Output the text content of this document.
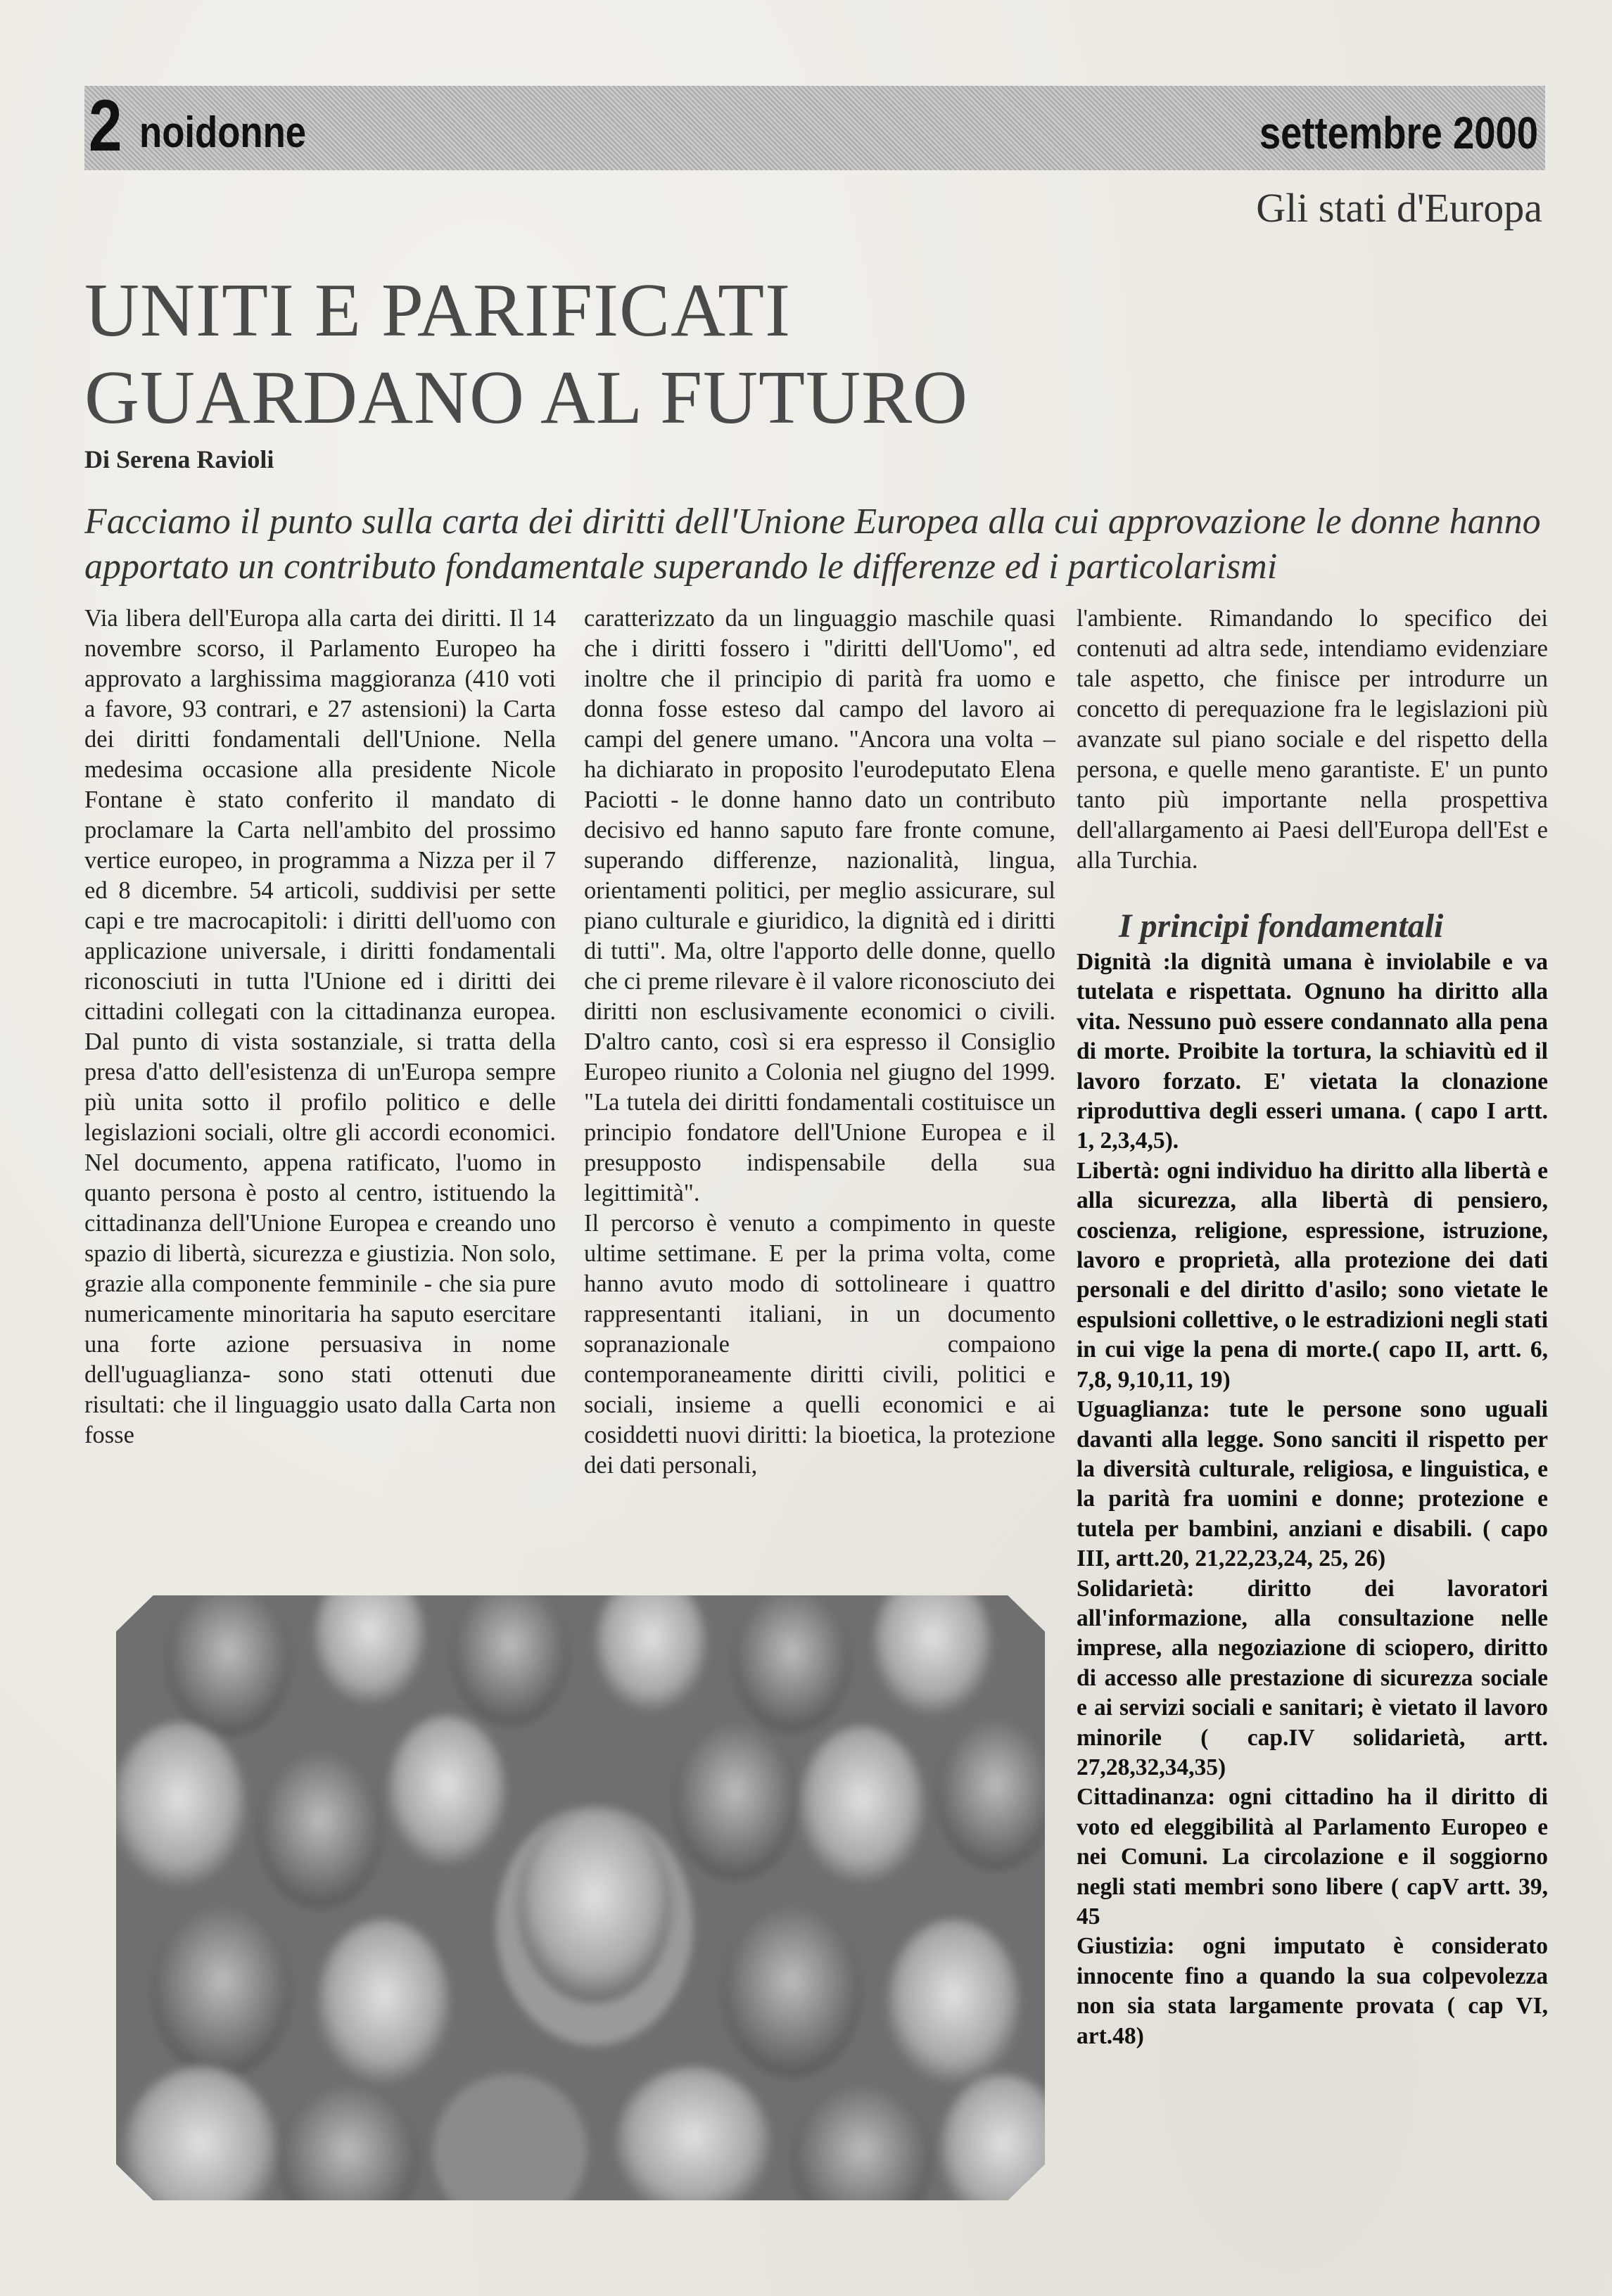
2 noidonne	settembre 2000
Gli stati d'Europa
UNITI E PARIFICATI
GUARDANO AL FUTURO
Di Serena Ravioli
Facciamo il punto sulla carta dei diritti dell'Unione Europea alla cui approvazione le donne hanno apportato un contributo fondamentale superando le differenze ed i particolarismi

Via libera dell'Europa alla carta dei diritti. Il 14 novembre scorso, il Parlamento Europeo ha approvato a larghissima maggioranza (410 voti a favore, 93 contrari, e 27 astensioni) la Carta dei diritti fondamentali dell'Unione. Nella medesima occasione alla presidente Nicole Fontane è stato conferito il mandato di proclamare la Carta nell'ambito del prossimo vertice europeo, in programma a Nizza per il 7 ed 8 dicembre. 54 articoli, suddivisi per sette capi e tre macrocapitoli: i diritti dell'uomo con applicazione universale, i diritti fondamentali riconosciuti in tutta l'Unione ed i diritti dei cittadini collegati con la cittadinanza europea. Dal punto di vista sostanziale, si tratta della presa d'atto dell'esistenza di un'Europa sempre più unita sotto il profilo politico e delle legislazioni sociali, oltre gli accordi economici. Nel documento, appena ratificato, l'uomo in quanto persona è posto al centro, istituendo la cittadinanza dell'Unione Europea e creando uno spazio di libertà, sicurezza e giustizia. Non solo, grazie alla componente femminile - che sia pure numericamente minoritaria ha saputo esercitare una forte azione persuasiva in nome dell'uguaglianza- sono stati ottenuti due risultati: che il linguaggio usato dalla Carta non fosse

caratterizzato da un linguaggio maschile quasi che i diritti fossero i "diritti dell'Uomo", ed inoltre che il principio di parità fra uomo e donna fosse esteso dal campo del lavoro ai campi del genere umano. "Ancora una volta – ha dichiarato in proposito l'eurodeputato Elena Paciotti - le donne hanno dato un contributo decisivo ed hanno saputo fare fronte comune, superando differenze, nazionalità, lingua, orientamenti politici, per meglio assicurare, sul piano culturale e giuridico, la dignità ed i diritti di tutti". Ma, oltre l'apporto delle donne, quello che ci preme rilevare è il valore riconosciuto dei diritti non esclusivamente economici o civili. D'altro canto, così si era espresso il Consiglio Europeo riunito a Colonia nel giugno del 1999. "La tutela dei diritti fondamentali costituisce un principio fondatore dell'Unione Europea e il presupposto indispensabile della sua legittimità".

Il percorso è venuto a compimento in queste ultime settimane. E per la prima volta, come hanno avuto modo di sottolineare i quattro rappresentanti italiani, in un documento sopranazionale compaiono contemporaneamente diritti civili, politici e sociali, insieme a quelli economici e ai cosiddetti nuovi diritti: la bioetica, la protezione dei dati personali,

l'ambiente. Rimandando lo specifico dei contenuti ad altra sede, intendiamo evidenziare tale aspetto, che finisce per introdurre un concetto di perequazione fra le legislazioni più avanzate sul piano sociale e del rispetto della persona, e quelle meno garantiste. E' un punto tanto più importante nella prospettiva dell'allargamento ai Paesi dell'Europa dell'Est e alla Turchia.

I principi fondamentali

Dignità :la dignità umana è inviolabile e va tutelata e rispettata. Ognuno ha diritto alla vita. Nessuno può essere condannato alla pena di morte. Proibite la tortura, la schiavitù ed il lavoro forzato. E' vietata la clonazione riproduttiva degli esseri umana. ( capo I artt. 1, 2,3,4,5).

Libertà: ogni individuo ha diritto alla libertà e alla sicurezza, alla libertà di pensiero, coscienza, religione, espressione, istruzione, lavoro e proprietà, alla protezione dei dati personali e del diritto d'asilo; sono vietate le espulsioni collettive, o le estradizioni negli stati in cui vige la pena di morte.( capo II, artt. 6, 7,8, 9,10,11, 19)

Uguaglianza: tute le persone sono uguali davanti alla legge. Sono sanciti il rispetto per la diversità culturale, religiosa, e linguistica, e la parità fra uomini e donne; protezione e tutela per bambini, anziani e disabili. ( capo III, artt.20, 21,22,23,24, 25, 26)

Solidarietà: diritto dei lavoratori all'informazione, alla consultazione nelle imprese, alla negoziazione di sciopero, diritto di accesso alle prestazione di sicurezza sociale e ai servizi sociali e sanitari; è vietato il lavoro minorile ( cap.IV solidarietà, artt. 27,28,32,34,35)

Cittadinanza: ogni cittadino ha il diritto di voto ed eleggibilità al Parlamento Europeo e nei Comuni. La circolazione e il soggiorno negli stati membri sono libere ( capV artt. 39, 45

Giustizia: ogni imputato è considerato innocente fino a quando la sua colpevolezza non sia stata largamente provata ( cap VI, art.48)
